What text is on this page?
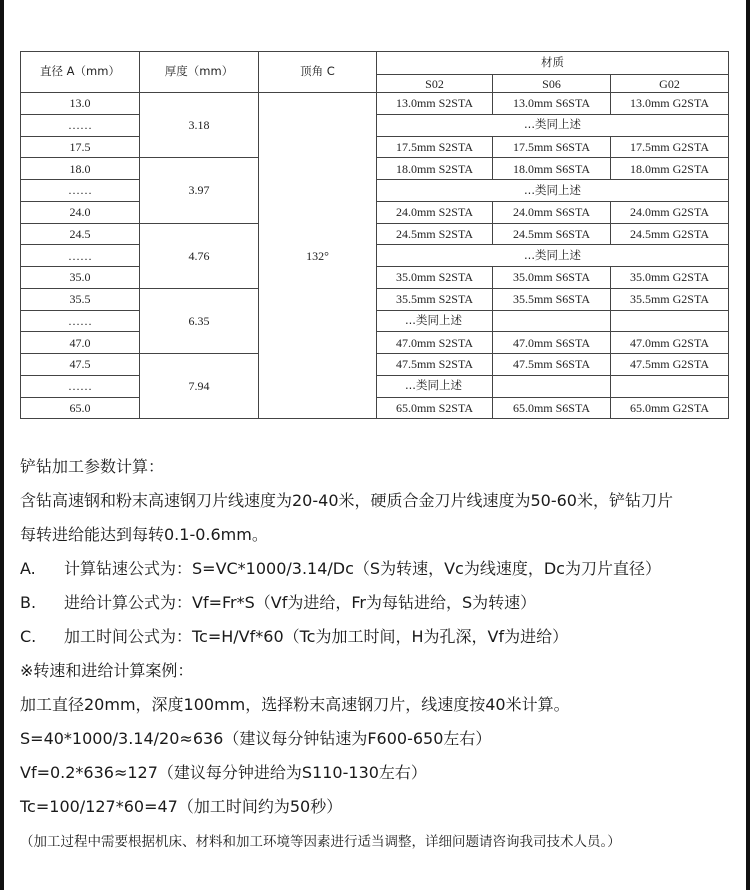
直径 A（mm）	厚度（mm）	顶角 C	材质		
			S02	S06	G02
13.0	3.18	132°	13.0mm S2STA	13.0mm S6STA	13.0mm G2STA
……			...类同上述		
17.5			17.5mm S2STA	17.5mm S6STA	17.5mm G2STA
18.0	3.97		18.0mm S2STA	18.0mm S6STA	18.0mm G2STA
……			...类同上述		
24.0			24.0mm S2STA	24.0mm S6STA	24.0mm G2STA
24.5	4.76		24.5mm S2STA	24.5mm S6STA	24.5mm G2STA
……			...类同上述		
35.0			35.0mm S2STA	35.0mm S6STA	35.0mm G2STA
35.5	6.35		35.5mm S2STA	35.5mm S6STA	35.5mm G2STA
……			...类同上述		
47.0			47.0mm S2STA	47.0mm S6STA	47.0mm G2STA
47.5	7.94		47.5mm S2STA	47.5mm S6STA	47.5mm G2STA
……			...类同上述		
65.0			65.0mm S2STA	65.0mm S6STA	65.0mm G2STA
铲钻加工参数计算：
含钻高速钢和粉末高速钢刀片线速度为20-40米，硬质合金刀片线速度为50-60米，铲钻刀片
每转进给能达到每转0.1-0.6mm。
A. 计算钻速公式为：S=VC*1000/3.14/Dc（S为转速，Vc为线速度，Dc为刀片直径）
B. 进给计算公式为：Vf=Fr*S（Vf为进给，Fr为每钻进给，S为转速）
C. 加工时间公式为：Tc=H/Vf*60（Tc为加工时间，H为孔深，Vf为进给）
※转速和进给计算案例：
加工直径20mm，深度100mm，选择粉末高速钢刀片，线速度按40米计算。
S=40*1000/3.14/20≈636（建议每分钟钻速为F600-650左右）
Vf=0.2*636≈127（建议每分钟进给为S110-130左右）
Tc=100/127*60=47（加工时间约为50秒）
（加工过程中需要根据机床、材料和加工环境等因素进行适当调整，详细问题请咨询我司技术人员。）
